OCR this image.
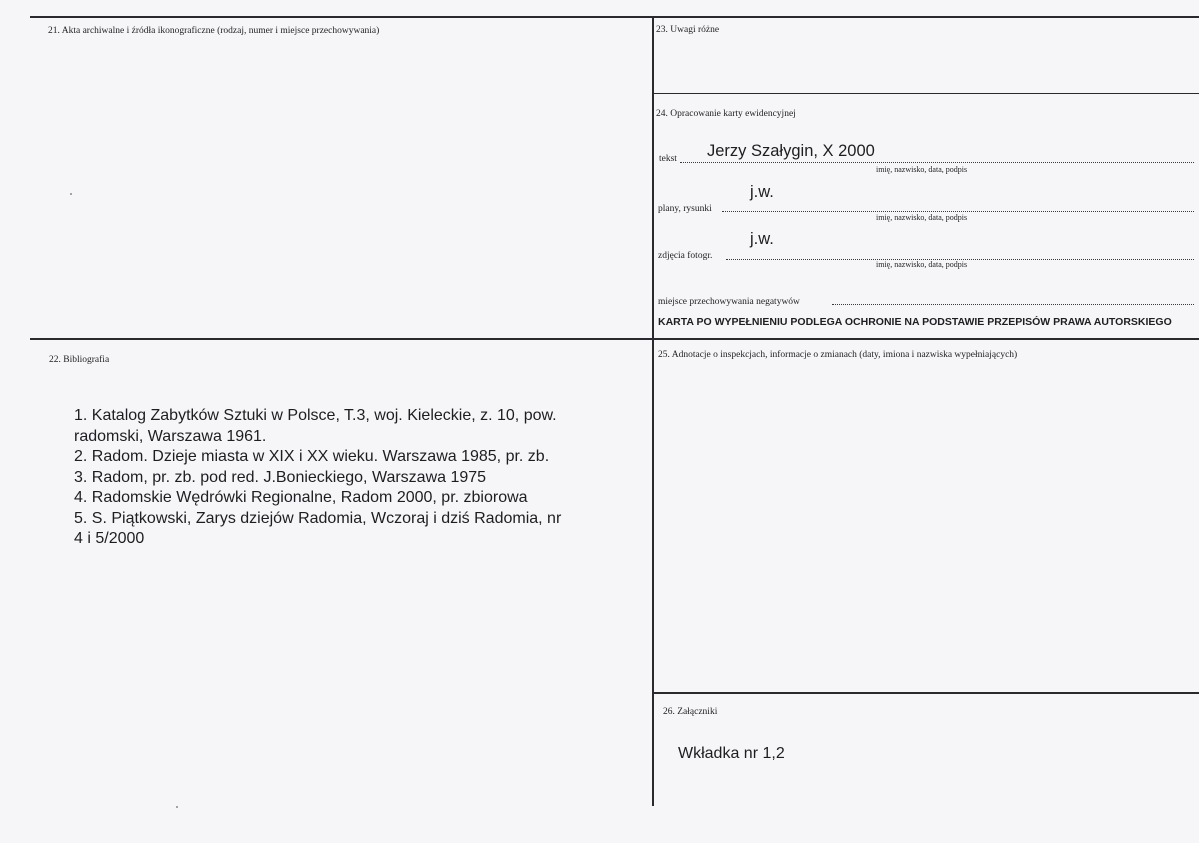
21. Akta archiwalne i źródła ikonograficzne (rodzaj, numer i miejsce przechowywania)	23. Uwagi różne
24. Opracowanie karty ewidencyjnej
tekst Jerzy Szałygin, X 2000
imię, nazwisko, data, podpis
plany, rysunki
j.w.
imię, nazwisko, data, podpis
zdjęcia fotogr.
j.w.
imię, nazwisko, data, podpis
miejsce przechowywania negatywów
KARTA PO WYPEŁNIENIU PODLEGA OCHRONIE NA PODSTAWIE PRZEPISÓW PRAWA AUTORSKIEGO
22. Bibliografia
1. Katalog Zabytków Sztuki w Polsce, T.3, woj. Kieleckie, z. 10, pow.
radomski, Warszawa 1961.
2. Radom. Dzieje miasta w XIX i XX wieku. Warszawa 1985, pr. zb.
3. Radom, pr. zb. pod red. J.Bonieckiego, Warszawa 1975
4. Radomskie Wędrówki Regionalne, Radom 2000, pr. zbiorowa
5. S. Piątkowski, Zarys dziejów Radomia, Wczoraj i dziś Radomia, nr
4 i 5/2000
25. Adnotacje o inspekcjach, informacje o zmianach (daty, imiona i nazwiska wypełniających)
26. Załączniki
Wkładka nr 1,2
